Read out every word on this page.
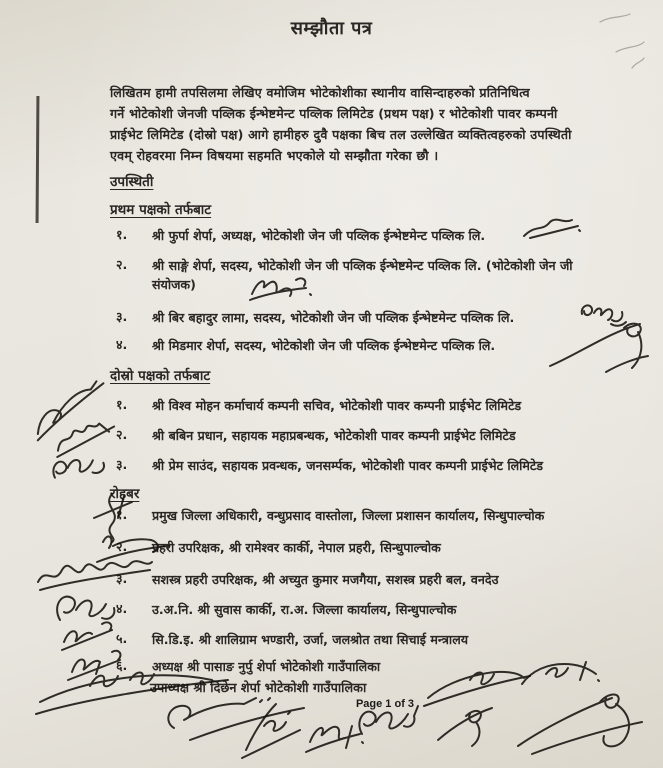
सम्झौता पत्र
लिखितम हामी तपसिलमा लेखिए वमोजिम भोटेकोशीका स्थानीय वासिन्दाहरुको प्रतिनिधित्व
गर्ने भोटेकोशी जेनजी पव्लिक ईन्भेष्टमेन्ट पव्लिक लिमिटेड (प्रथम पक्ष) र भोटेकोशी पावर कम्पनी
प्राईभेट लिमिटेड (दोस्रो पक्ष) आगे हामीहरु दुवै पक्षका बिच तल उल्लेखित व्यक्तित्वहरुको उपस्थिती
एवम् रोहवरमा निम्न विषयमा सहमति भएकोले यो सम्झौता गरेका छौ ।
उपस्थिती
प्रथम पक्षको तर्फबाट
१.	श्री फुर्पा शेर्पा, अध्यक्ष, भोटेकोशी जेन जी पव्लिक ईन्भेष्टमेन्ट पव्लिक लि.
२.	श्री साङ्गे शेर्पा, सदस्य, भोटेकोशी जेन जी पव्लिक ईन्भेष्टमेन्ट पव्लिक लि. (भोटेकोशी जेन जी संयोजक)
३.	श्री बिर बहादुर लामा, सदस्य, भोटेकोशी जेन जी पव्लिक ईन्भेष्टमेन्ट पव्लिक लि.
४.	श्री मिडमार शेर्पा, सदस्य, भोटेकोशी जेन जी पव्लिक ईन्भेष्टमेन्ट पव्लिक लि.
दोस्रो पक्षको तर्फबाट
१.	श्री विश्व मोहन कर्माचार्य कम्पनी सचिव, भोटेकोशी पावर कम्पनी प्राईभेट लिमिटेड
२.	श्री बबिन प्रधान, सहायक महाप्रबन्धक, भोटेकोशी पावर कम्पनी प्राईभेट लिमिटेड
३.	श्री प्रेम साउंद, सहायक प्रवन्धक, जनसर्म्पक, भोटेकोशी पावर कम्पनी प्राईभेट लिमिटेड
रोहबर
१.	प्रमुख जिल्ला अधिकारी, वन्धुप्रसाद वास्तोला, जिल्ला प्रशासन कार्यालय, सिन्धुपाल्चोक
२.	प्रहरी उपरिक्षक, श्री रामेश्वर कार्की, नेपाल प्रहरी, सिन्धुपाल्चोक
३.	सशस्त्र प्रहरी उपरिक्षक, श्री अच्युत कुमार मजगैया, सशस्त्र प्रहरी बल, वनदेउ
४.	उ.अ.नि. श्री सुवास कार्की, रा.अ. जिल्ला कार्यालय, सिन्धुपाल्चोक
५.	सि.डि.इ. श्री शालिग्राम भण्डारी, उर्जा, जलश्रोत तथा सिचाई मन्त्रालय
६.	अध्यक्ष श्री पासाङ नुर्पु शेर्पा भोटेकोशी गाउँपालिका
उपाध्यक्ष श्री दिछेन शेर्पा भोटेकोशी गाउँपालिका
Page 1 of 3
